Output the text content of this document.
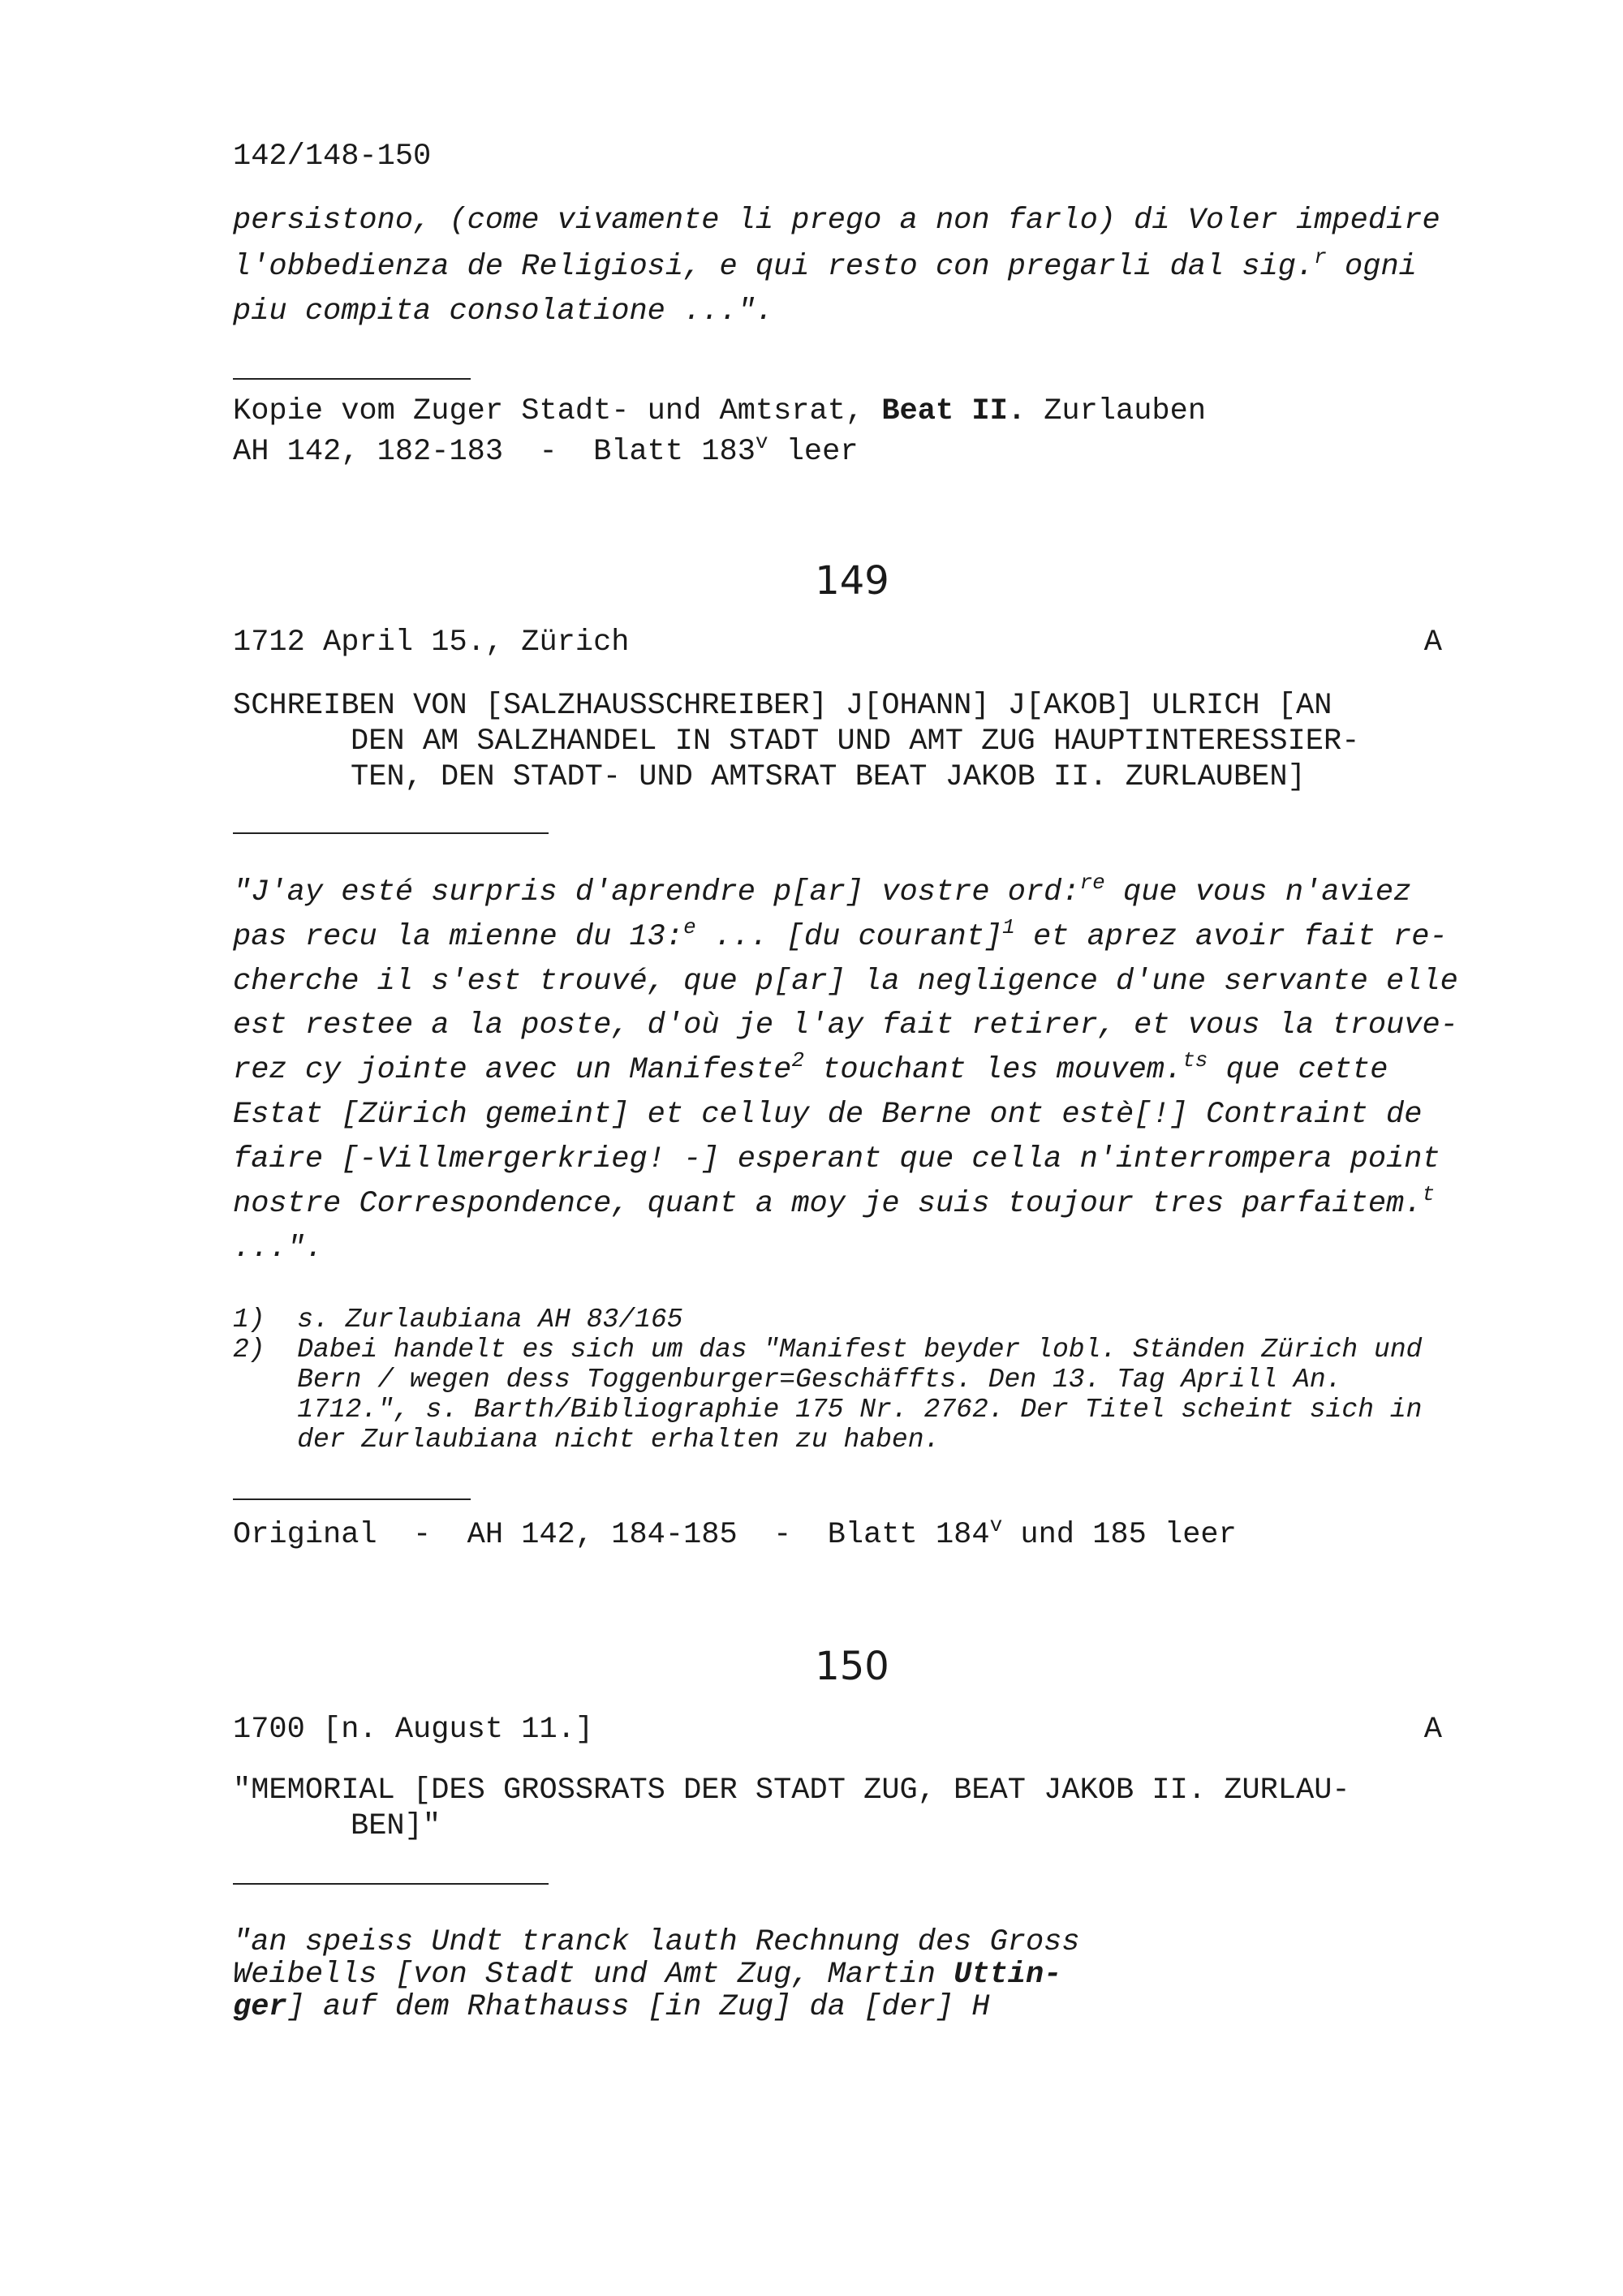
142/148-150
persistono, (come vivamente li prego a non farlo) di Voler impedire
l'obbedienza de Religiosi, e qui resto con pregarli dal sig.$^r$ ogni
piu compita consolatione ...".
Kopie vom Zuger Stadt- und Amtsrat, Beat II. Zurlauben
AH 142, 182-183  -  Blatt 183$^v$ leer
149
1712 April 15., Zürich	A
SCHREIBEN VON [SALZHAUSSCHREIBER] J[OHANN] J[AKOB] ULRICH [AN
DEN AM SALZHANDEL IN STADT UND AMT ZUG HAUPTINTERESSIER-
TEN, DEN STADT- UND AMTSRAT BEAT JAKOB II. ZURLAUBEN]
"J'ay esté surpris d'aprendre p[ar] vostre ord:$^{re}$ que vous n'aviez
pas recu la mienne du 13:$^e$ ... [du courant]$^1$ et aprez avoir fait re-
cherche il s'est trouvé, que p[ar] la negligence d'une servante elle
est restee a la poste, d'où je l'ay fait retirer, et vous la trouve-
rez cy jointe avec un Manifeste$^2$ touchant les mouvem.$^{ts}$ que cette
Estat [Zürich gemeint] et celluy de Berne ont estè[!] Contraint de
faire [-Villmergerkrieg! -] esperant que cella n'interrompera point
nostre Correspondence, quant a moy je suis toujour tres parfaitem.$^t$
...".
1)  s. Zurlaubiana AH 83/165
2)  Dabei handelt es sich um das "Manifest beyder lobl. Ständen Zürich und
Bern / wegen dess Toggenburger=Geschäffts. Den 13. Tag Aprill An.
1712.", s. Barth/Bibliographie 175 Nr. 2762. Der Titel scheint sich in
der Zurlaubiana nicht erhalten zu haben.
Original  -  AH 142, 184-185  -  Blatt 184$^v$ und 185 leer
150
1700 [n. August 11.]	A
"MEMORIAL [DES GROSSRATS DER STADT ZUG, BEAT JAKOB II. ZURLAU-
BEN]"
"an speiss Undt tranck lauth Rechnung des Gross
Weibells [von Stadt und Amt Zug, Martin Uttin-
ger] auf dem Rhathauss [in Zug] da [der] H
